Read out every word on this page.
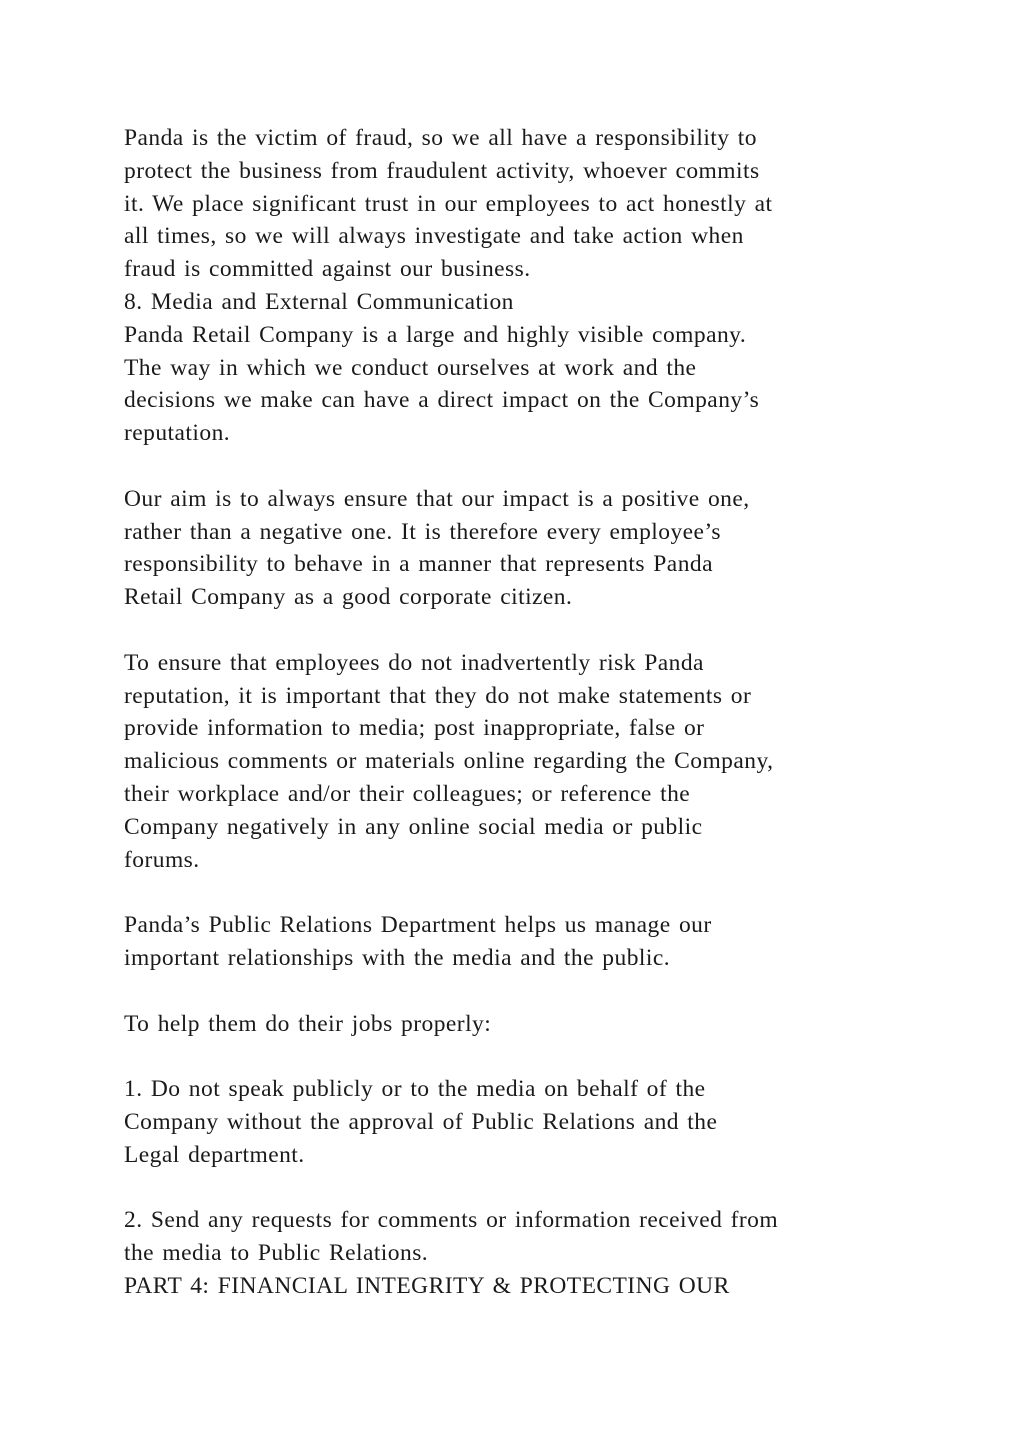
Panda is the victim of fraud, so we all have a responsibility to
protect the business from fraudulent activity, whoever commits
it. We place significant trust in our employees to act honestly at
all times, so we will always investigate and take action when
fraud is committed against our business.
8. Media and External Communication
Panda Retail Company is a large and highly visible company.
The way in which we conduct ourselves at work and the
decisions we make can have a direct impact on the Company’s
reputation.
Our aim is to always ensure that our impact is a positive one,
rather than a negative one. It is therefore every employee’s
responsibility to behave in a manner that represents Panda
Retail Company as a good corporate citizen.
To ensure that employees do not inadvertently risk Panda
reputation, it is important that they do not make statements or
provide information to media; post inappropriate, false or
malicious comments or materials online regarding the Company,
their workplace and/or their colleagues; or reference the
Company negatively in any online social media or public
forums.
Panda’s Public Relations Department helps us manage our
important relationships with the media and the public.
To help them do their jobs properly:
1. Do not speak publicly or to the media on behalf of the
Company without the approval of Public Relations and the
Legal department.
2. Send any requests for comments or information received from
the media to Public Relations.
PART 4: FINANCIAL INTEGRITY & PROTECTING OUR
